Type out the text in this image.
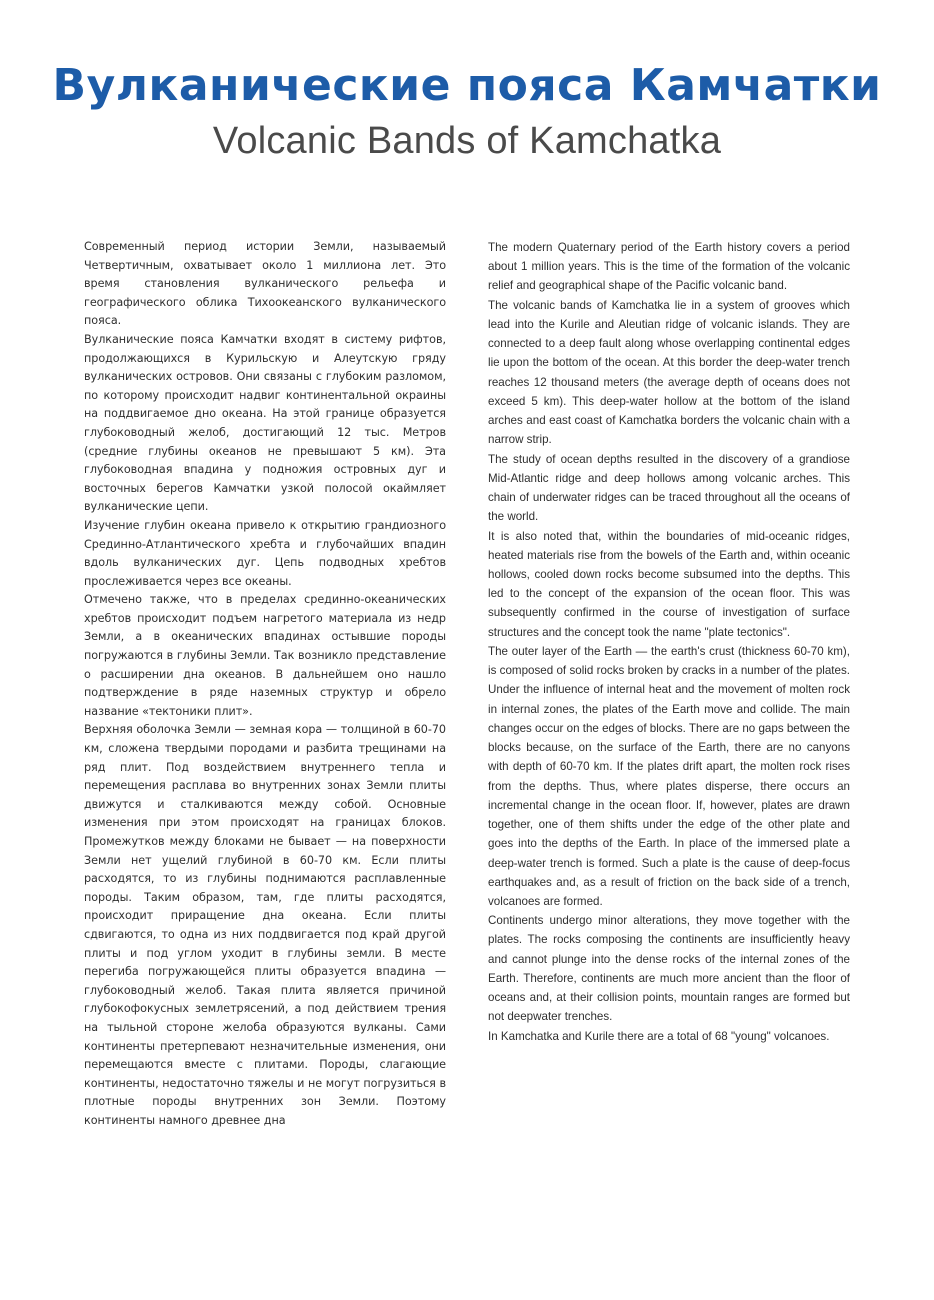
Вулканические пояса Камчатки
Volcanic Bands of Kamchatka

Современный период истории Земли, называемый Четвертичным, охватывает около 1 миллиона лет. Это время становления вулканического рельефа и географического облика Тихоокеанского вулканического пояса.

Вулканические пояса Камчатки входят в систему рифтов, продолжающихся в Курильскую и Алеутскую гряду вулканических островов. Они связаны с глубоким разломом, по которому происходит надвиг континентальной окраины на поддвигаемое дно океана. На этой границе образуется глубоководный желоб, достигающий 12 тыс. Метров (средние глубины океанов не превышают 5 км). Эта глубоководная впадина у подножия островных дуг и восточных берегов Камчатки узкой полосой окаймляет вулканические цепи.

Изучение глубин океана привело к открытию грандиозного Срединно-Атлантического хребта и глубочайших впадин вдоль вулканических дуг. Цепь подводных хребтов прослеживается через все океаны.

Отмечено также, что в пределах срединно-океанических хребтов происходит подъем нагретого материала из недр Земли, а в океанических впадинах остывшие породы погружаются в глубины Земли. Так возникло представление о расширении дна океанов. В дальнейшем оно нашло подтверждение в ряде наземных структур и обрело название «тектоники плит».

Верхняя оболочка Земли — земная кора — толщиной в 60-70 км, сложена твердыми породами и разбита трещинами на ряд плит. Под воздействием внутреннего тепла и перемещения расплава во внутренних зонах Земли плиты движутся и сталкиваются между собой. Основные изменения при этом происходят на границах блоков. Промежутков между блоками не бывает — на поверхности Земли нет ущелий глубиной в 60-70 км. Если плиты расходятся, то из глубины поднимаются расплавленные породы. Таким образом, там, где плиты расходятся, происходит приращение дна океана. Если плиты сдвигаются, то одна из них поддвигается под край другой плиты и под углом уходит в глубины земли. В месте перегиба погружающейся плиты образуется впадина — глубоководный желоб. Такая плита является причиной глубокофокусных землетрясений, а под действием трения на тыльной стороне желоба образуются вулканы. Сами континенты претерпевают незначительные изменения, они перемещаются вместе с плитами. Породы, слагающие континенты, недостаточно тяжелы и не могут погрузиться в плотные породы внутренних зон Земли. Поэтому континенты намного древнее дна

The modern Quaternary period of the Earth history covers a period about 1 million years. This is the time of the formation of the volcanic relief and geographical shape of the Pacific volcanic band.

The volcanic bands of Kamchatka lie in a system of grooves which lead into the Kurile and Aleutian ridge of volcanic islands. They are connected to a deep fault along whose overlapping continental edges lie upon the bottom of the ocean. At this border the deep-water trench reaches 12 thousand meters (the average depth of oceans does not exceed 5 km). This deep-water hollow at the bottom of the island arches and east coast of Kamchatka borders the volcanic chain with a narrow strip.

The study of ocean depths resulted in the discovery of a grandiose Mid-Atlantic ridge and deep hollows among volcanic arches. This chain of underwater ridges can be traced throughout all the oceans of the world.

It is also noted that, within the boundaries of mid-oceanic ridges, heated materials rise from the bowels of the Earth and, within oceanic hollows, cooled down rocks become subsumed into the depths. This led to the concept of the expansion of the ocean floor. This was subsequently confirmed in the course of investigation of surface structures and the concept took the name "plate tectonics".

The outer layer of the Earth — the earth's crust (thickness 60-70 km), is composed of solid rocks broken by cracks in a number of the plates. Under the influence of internal heat and the movement of molten rock in internal zones, the plates of the Earth move and collide. The main changes occur on the edges of blocks. There are no gaps between the blocks because, on the surface of the Earth, there are no canyons with depth of 60-70 km. If the plates drift apart, the molten rock rises from the depths. Thus, where plates disperse, there occurs an incremental change in the ocean floor. If, however, plates are drawn together, one of them shifts under the edge of the other plate and goes into the depths of the Earth. In place of the immersed plate a deep-water trench is formed. Such a plate is the cause of deep-focus earthquakes and, as a result of friction on the back side of a trench, volcanoes are formed.

Continents undergo minor alterations, they move together with the plates. The rocks composing the continents are insufficiently heavy and cannot plunge into the dense rocks of the internal zones of the Earth. Therefore, continents are much more ancient than the floor of oceans and, at their collision points, mountain ranges are formed but not deepwater trenches.

In Kamchatka and Kurile there are a total of 68 "young" volcanoes.
